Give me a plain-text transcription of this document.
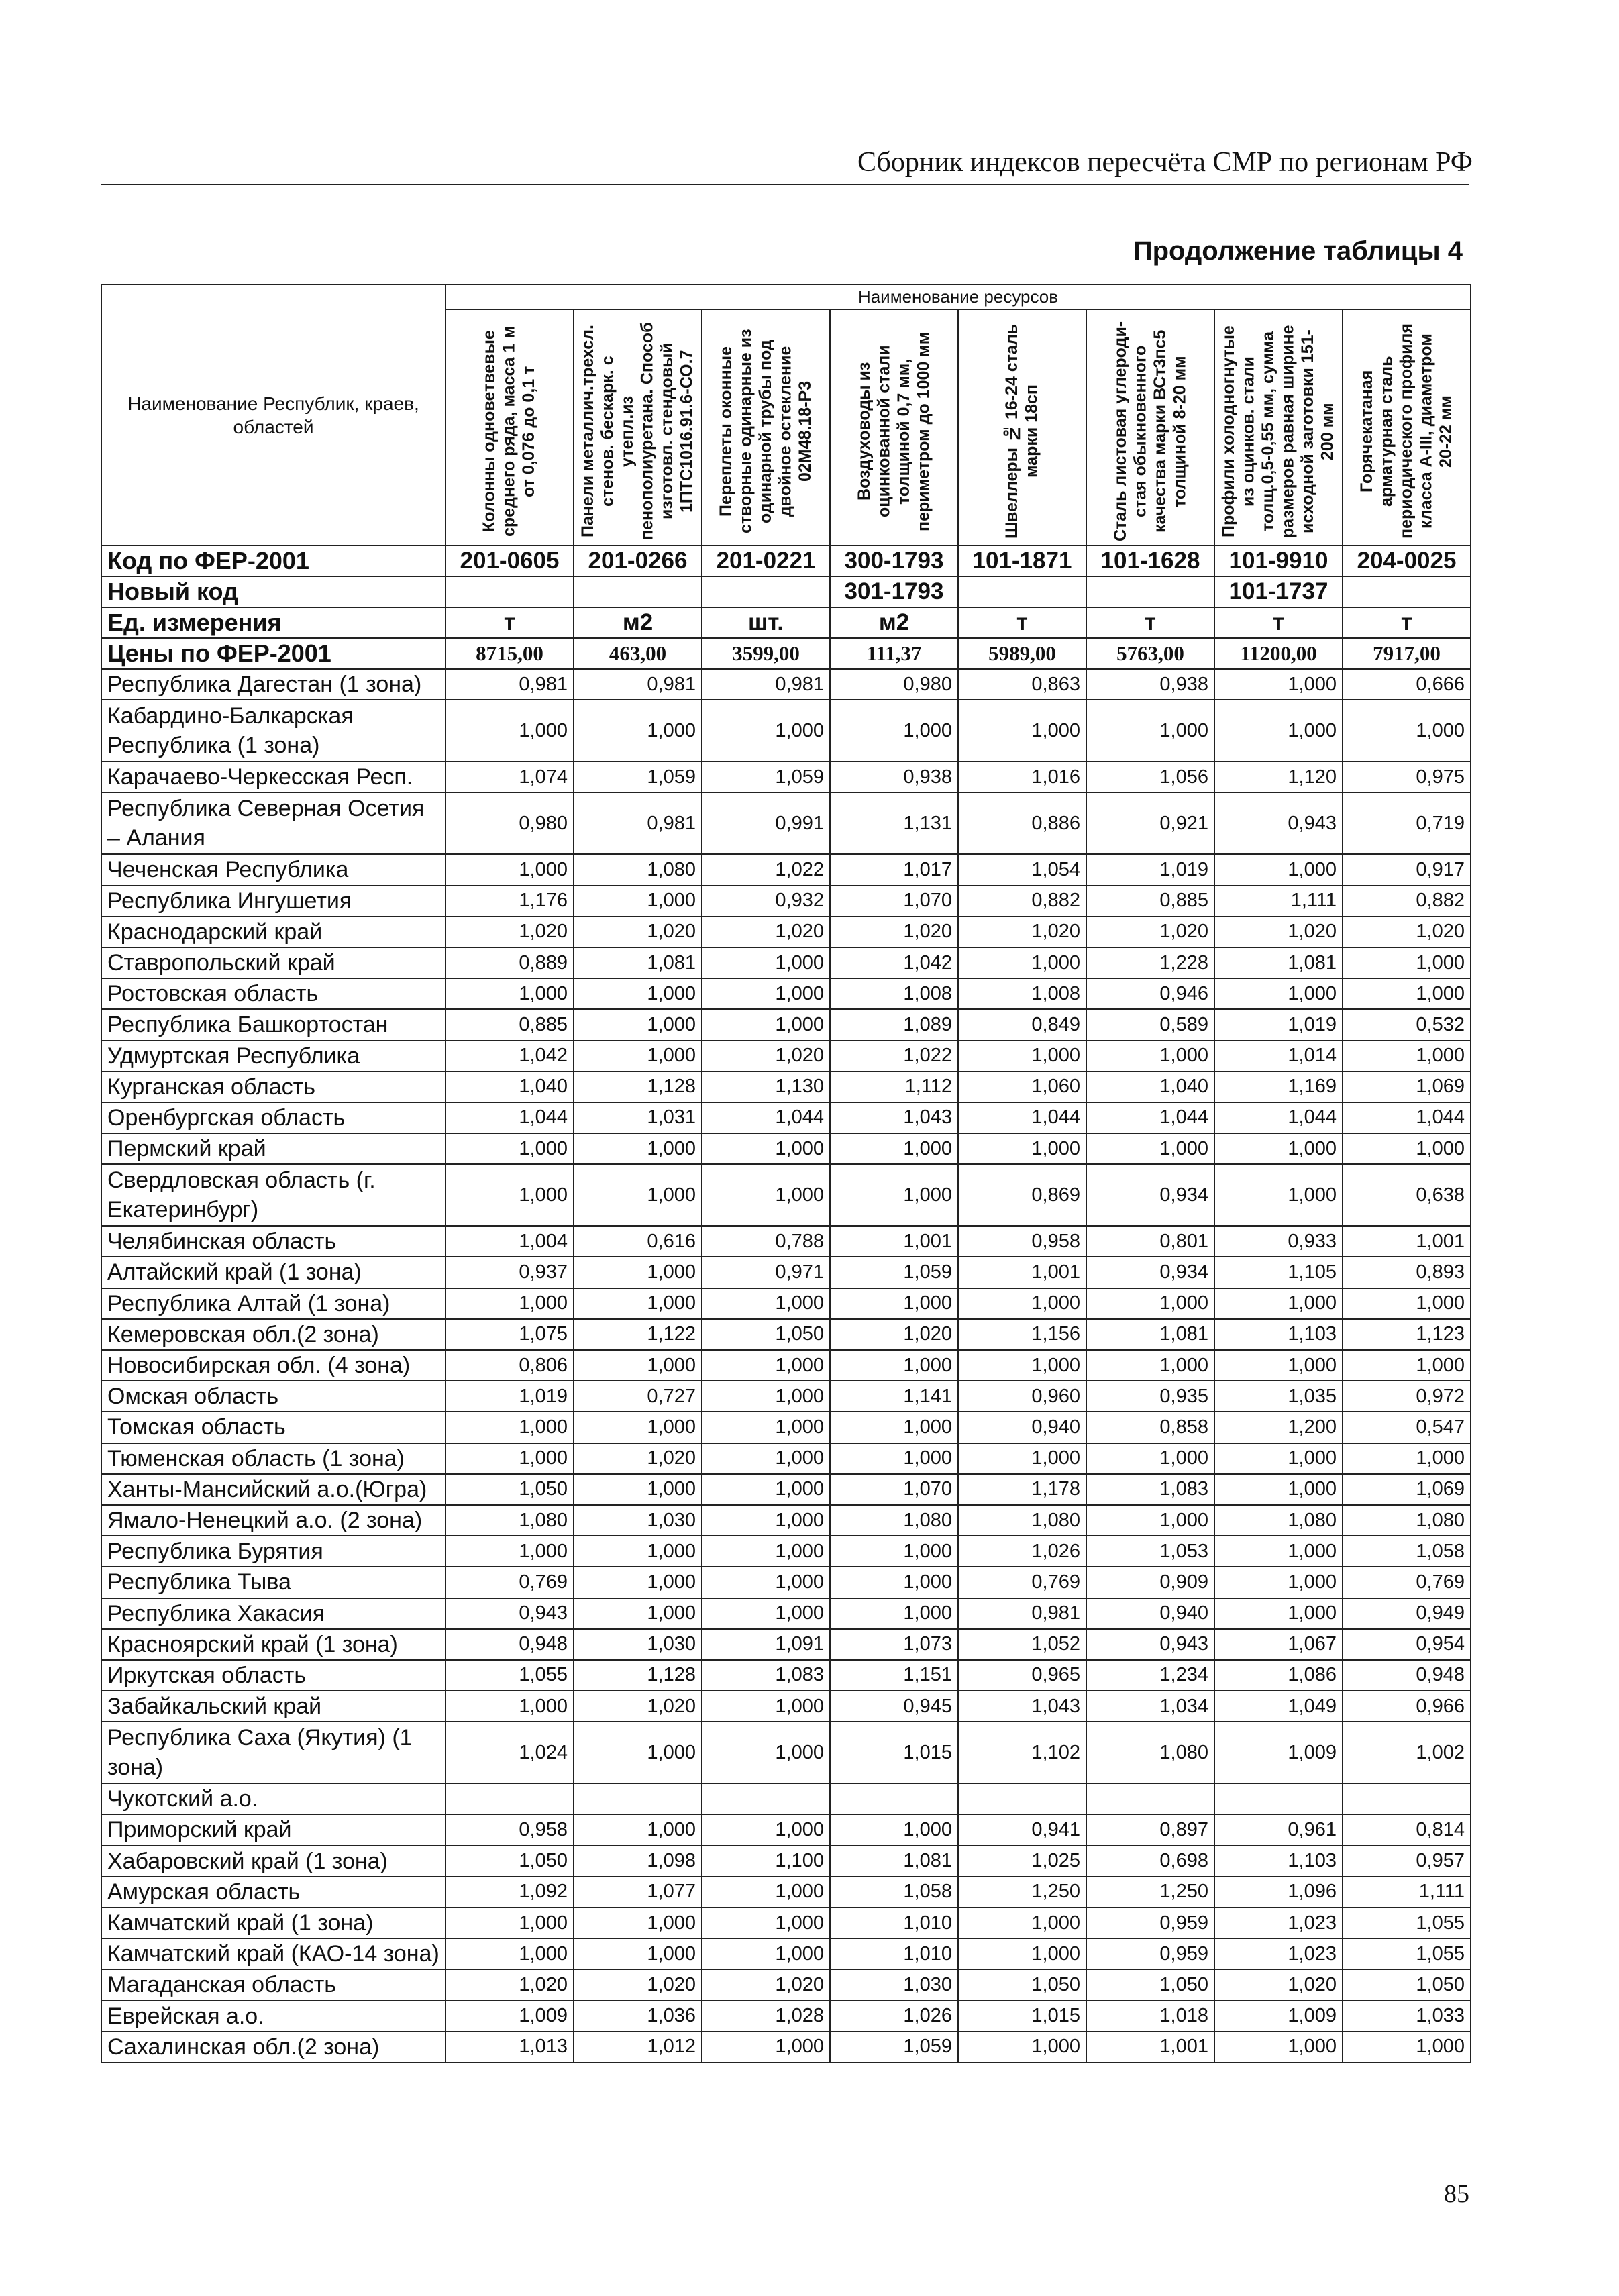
Сборник индексов пересчёта СМР по регионам РФ
Продолжение таблицы 4
Наименование Республик, краев, областей	Наименование ресурсов							

	Колонны одноветвевые среднего ряда, масса 1 м от 0,076 до 0,1 т	Панели металлич.трехсл. стенов. бескарк. с утепл.из пенополиуретана. Способ изготовл. стендовый 1ПТС1016.91.6-СО.7	Переплеты оконные створные одинарные из одинарной трубы под двойное остекление 02М48.18-Р3	Воздуховоды из оцинкованной стали толщиной 0,7 мм, периметром до 1000 мм	Швеллеры № 16-24 сталь марки 18сп	Сталь листовая углероди-стая обыкновенного качества марки ВСт3пс5 толщиной 8-20 мм	Профили холодногнутые из оцинков. стали толщ.0,5-0,55 мм, сумма размеров равная ширине исходной заготовки 151-200 мм	Горячекатаная арматурная сталь периодического профиля класса А-III, диаметром 20-22 мм

Код по ФЕР-2001	201-0605	201-0266	201-0221	300-1793	101-1871	101-1628	101-9910	204-0025
Новый код				301-1793			101-1737	
Ед. измерения	т	м2	шт.	м2	т	т	т	т
Цены по ФЕР-2001	8715,00	463,00	3599,00	111,37	5989,00	5763,00	11200,00	7917,00
Республика Дагестан (1 зона)	0,981	0,981	0,981	0,980	0,863	0,938	1,000	0,666
Кабардино-Балкарская Республика (1 зона)	1,000	1,000	1,000	1,000	1,000	1,000	1,000	1,000
Карачаево-Черкесская Респ.	1,074	1,059	1,059	0,938	1,016	1,056	1,120	0,975
Республика Северная Осетия – Алания	0,980	0,981	0,991	1,131	0,886	0,921	0,943	0,719
Чеченская Республика	1,000	1,080	1,022	1,017	1,054	1,019	1,000	0,917
Республика Ингушетия	1,176	1,000	0,932	1,070	0,882	0,885	1,111	0,882
Краснодарский край	1,020	1,020	1,020	1,020	1,020	1,020	1,020	1,020
Ставропольский край	0,889	1,081	1,000	1,042	1,000	1,228	1,081	1,000
Ростовская область	1,000	1,000	1,000	1,008	1,008	0,946	1,000	1,000
Республика Башкортостан	0,885	1,000	1,000	1,089	0,849	0,589	1,019	0,532
Удмуртская Республика	1,042	1,000	1,020	1,022	1,000	1,000	1,014	1,000
Курганская область	1,040	1,128	1,130	1,112	1,060	1,040	1,169	1,069
Оренбургская область	1,044	1,031	1,044	1,043	1,044	1,044	1,044	1,044
Пермский край	1,000	1,000	1,000	1,000	1,000	1,000	1,000	1,000
Свердловская область (г. Екатеринбург)	1,000	1,000	1,000	1,000	0,869	0,934	1,000	0,638
Челябинская область	1,004	0,616	0,788	1,001	0,958	0,801	0,933	1,001
Алтайский край (1 зона)	0,937	1,000	0,971	1,059	1,001	0,934	1,105	0,893
Республика Алтай (1 зона)	1,000	1,000	1,000	1,000	1,000	1,000	1,000	1,000
Кемеровская обл.(2 зона)	1,075	1,122	1,050	1,020	1,156	1,081	1,103	1,123
Новосибирская обл. (4 зона)	0,806	1,000	1,000	1,000	1,000	1,000	1,000	1,000
Омская область	1,019	0,727	1,000	1,141	0,960	0,935	1,035	0,972
Томская область	1,000	1,000	1,000	1,000	0,940	0,858	1,200	0,547
Тюменская область (1 зона)	1,000	1,020	1,000	1,000	1,000	1,000	1,000	1,000
Ханты-Мансийский а.о.(Югра)	1,050	1,000	1,000	1,070	1,178	1,083	1,000	1,069
Ямало-Ненецкий а.о. (2 зона)	1,080	1,030	1,000	1,080	1,080	1,000	1,080	1,080
Республика Бурятия	1,000	1,000	1,000	1,000	1,026	1,053	1,000	1,058
Республика Тыва	0,769	1,000	1,000	1,000	0,769	0,909	1,000	0,769
Республика Хакасия	0,943	1,000	1,000	1,000	0,981	0,940	1,000	0,949
Красноярский край (1 зона)	0,948	1,030	1,091	1,073	1,052	0,943	1,067	0,954
Иркутская область	1,055	1,128	1,083	1,151	0,965	1,234	1,086	0,948
Забайкальский край	1,000	1,020	1,000	0,945	1,043	1,034	1,049	0,966
Республика Саха (Якутия) (1 зона)	1,024	1,000	1,000	1,015	1,102	1,080	1,009	1,002
Чукотский а.о.								
Приморский край	0,958	1,000	1,000	1,000	0,941	0,897	0,961	0,814
Хабаровский край (1 зона)	1,050	1,098	1,100	1,081	1,025	0,698	1,103	0,957
Амурская область	1,092	1,077	1,000	1,058	1,250	1,250	1,096	1,111
Камчатский край (1 зона)	1,000	1,000	1,000	1,010	1,000	0,959	1,023	1,055
Камчатский край (КАО-14 зона)	1,000	1,000	1,000	1,010	1,000	0,959	1,023	1,055
Магаданская область	1,020	1,020	1,020	1,030	1,050	1,050	1,020	1,050
Еврейская а.о.	1,009	1,036	1,028	1,026	1,015	1,018	1,009	1,033
Сахалинская обл.(2 зона)	1,013	1,012	1,000	1,059	1,000	1,001	1,000	1,000
85
